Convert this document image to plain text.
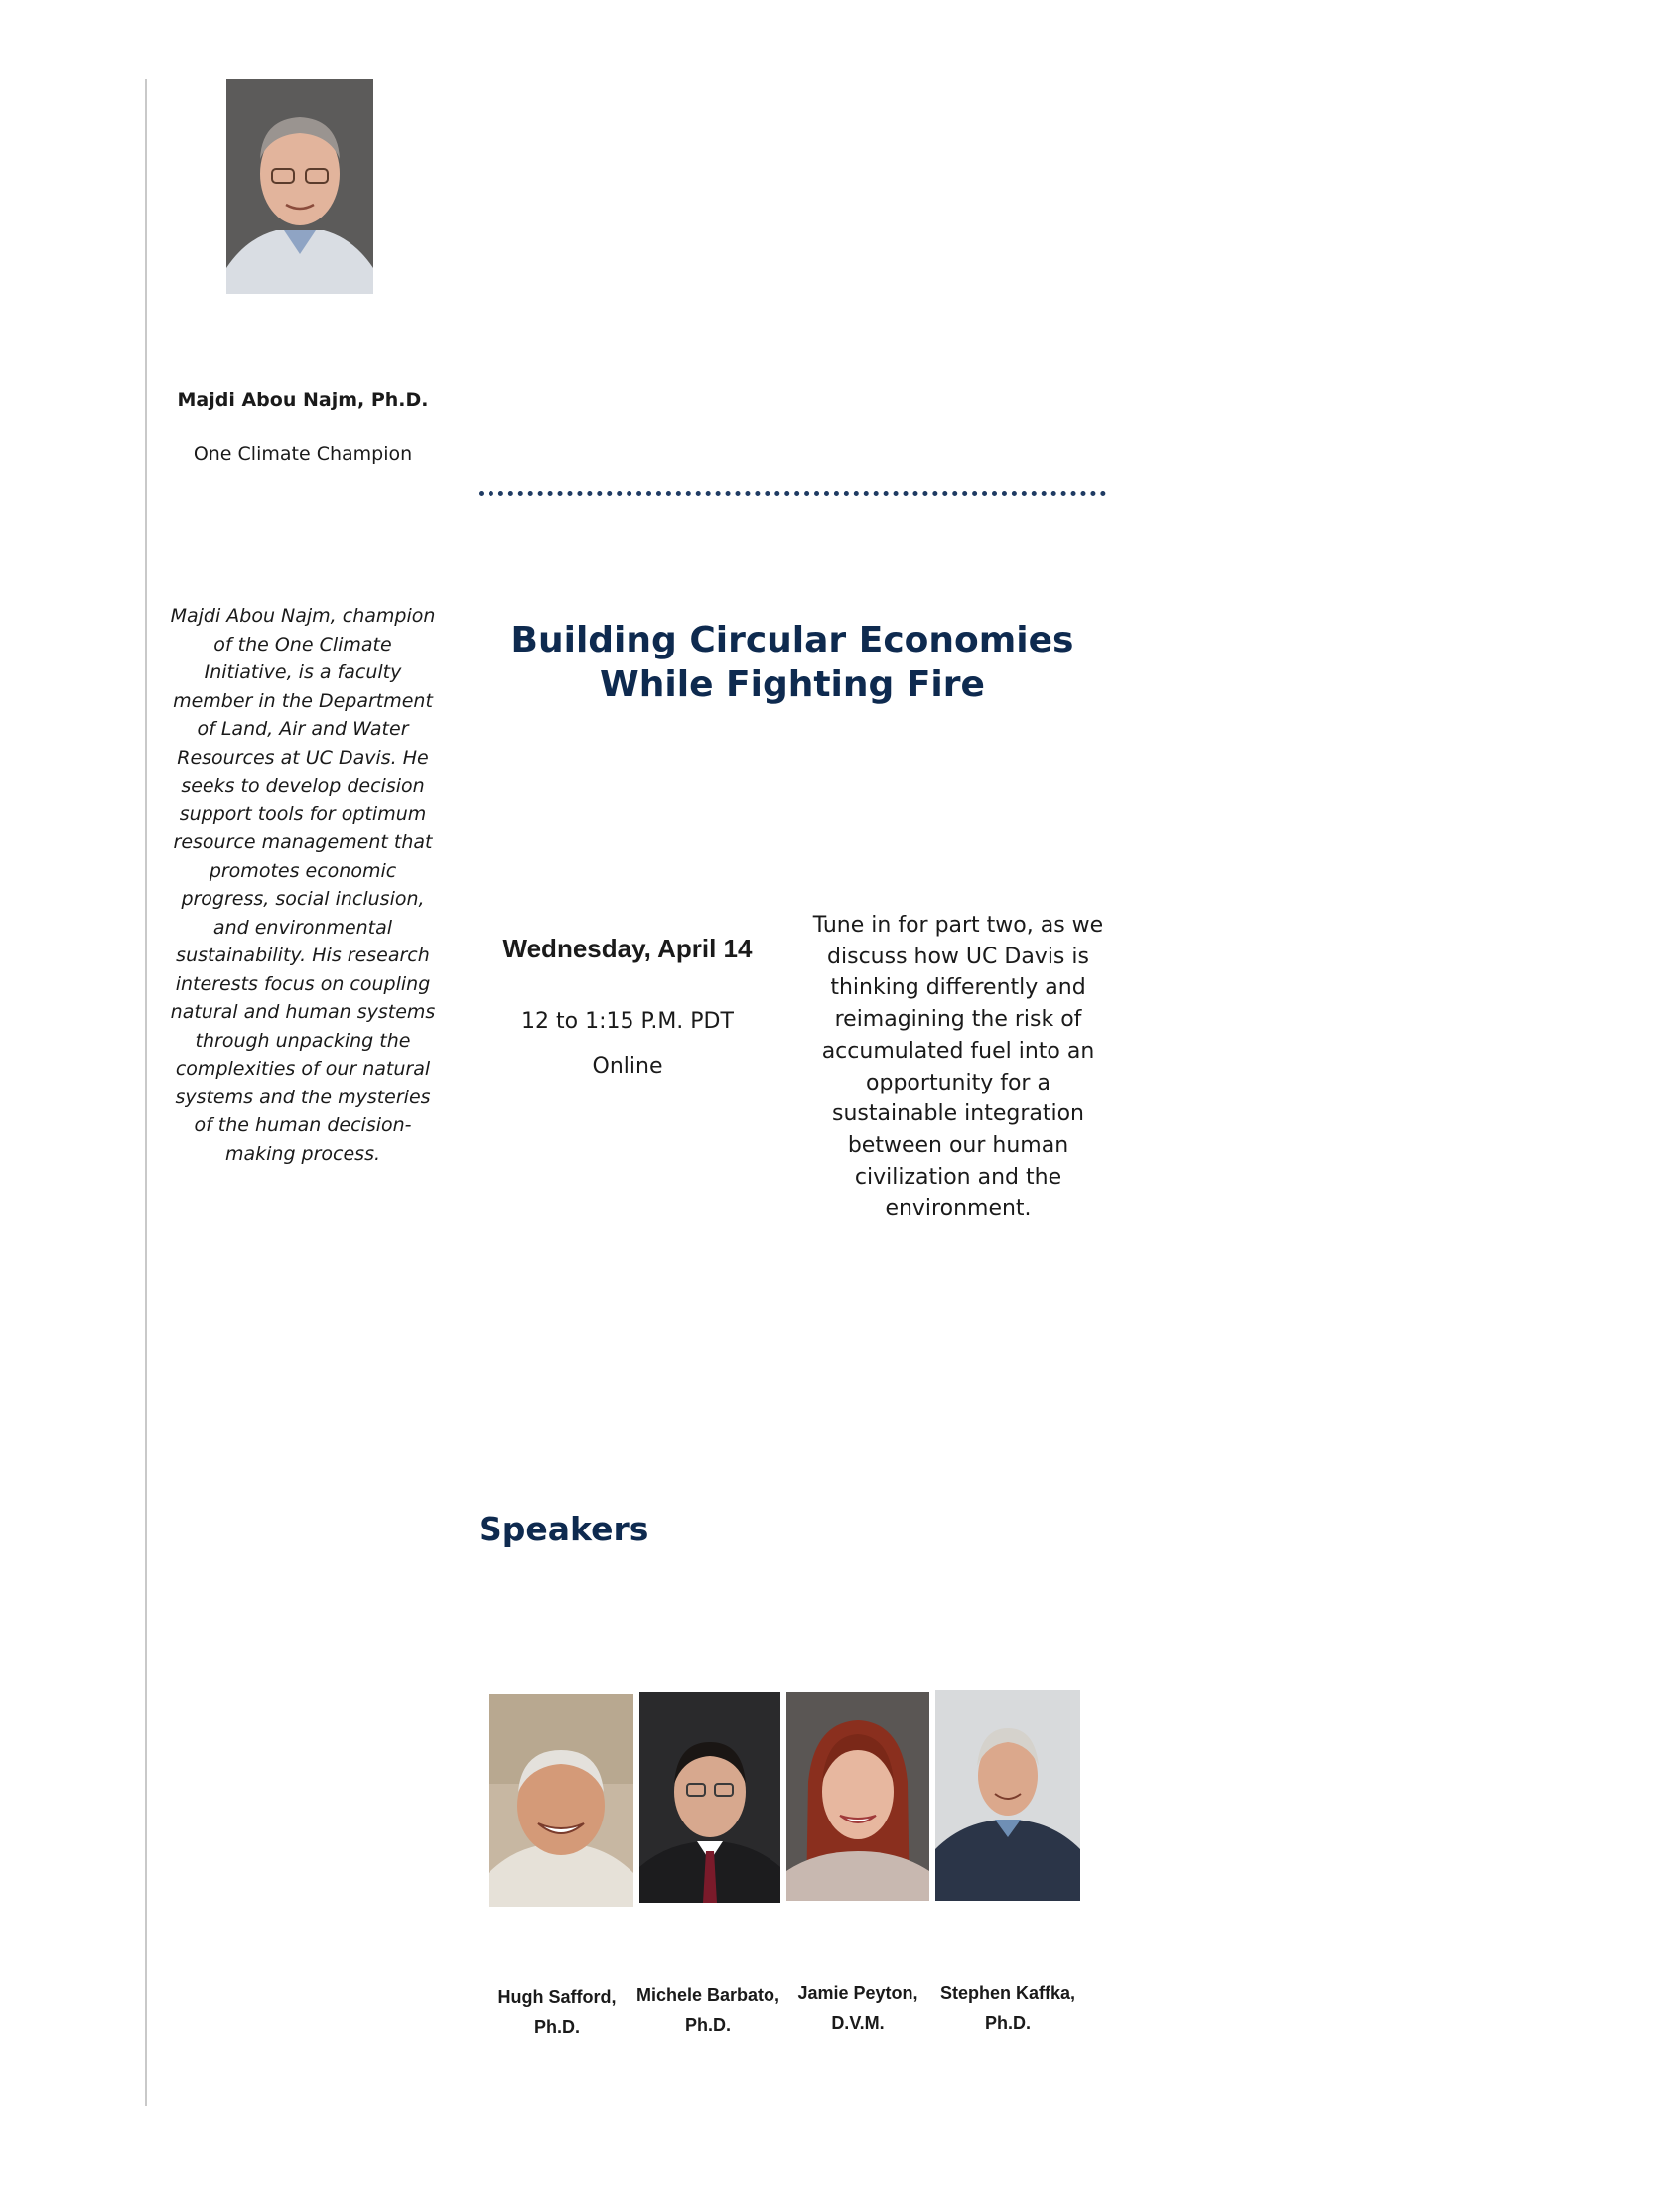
Majdi Abou Najm, Ph.D.
One Climate Champion
Majdi Abou Najm, champion of the One Climate Initiative, is a faculty member in the Department of Land, Air and Water Resources at UC Davis. He seeks to develop decision support tools for optimum resource management that promotes economic progress, social inclusion, and environmental sustainability. His research interests focus on coupling natural and human systems through unpacking the complexities of our natural systems and the mysteries of the human decision-making process.
Building Circular Economies While Fighting Fire
Wednesday, April 14
12 to 1:15 P.M. PDT
Online
Tune in for part two, as we discuss how UC Davis is thinking differently and reimagining the risk of accumulated fuel into an opportunity for a sustainable integration between our human civilization and the environment.
Speakers
Hugh Safford,
Ph.D.
Michele Barbato,
Ph.D.
Jamie Peyton,
D.V.M.
Stephen Kaffka,
Ph.D.
